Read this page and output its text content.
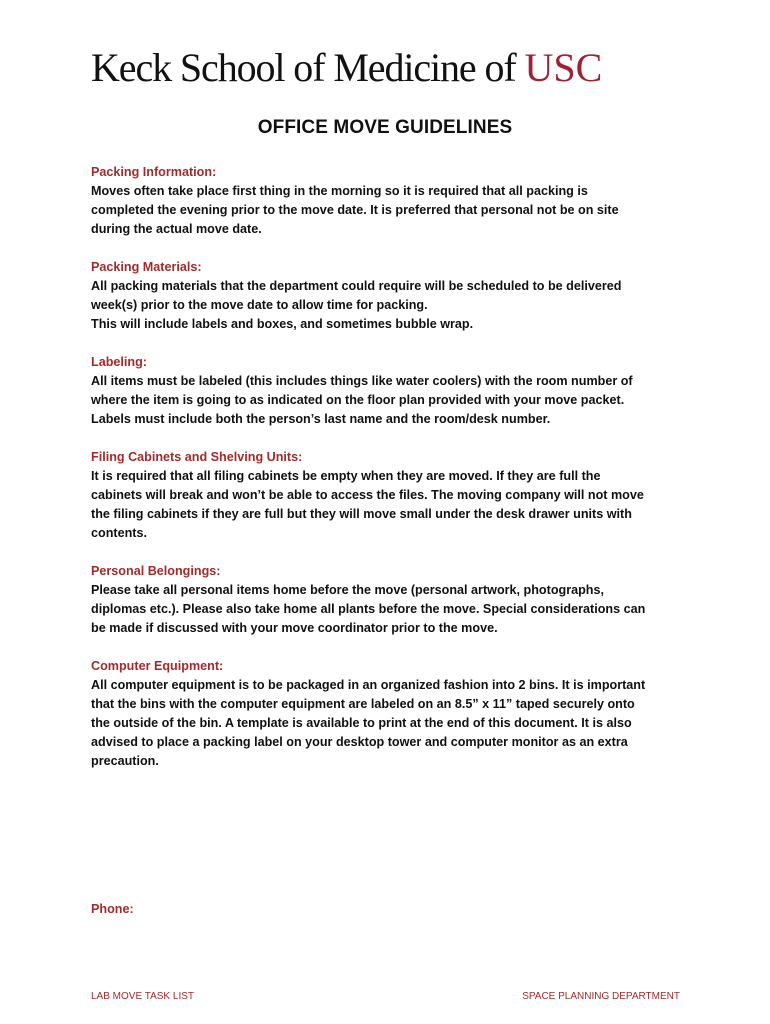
Keck School of Medicine of USC
OFFICE MOVE GUIDELINES
Packing Information:
Moves often take place first thing in the morning so it is required that all packing is
completed the evening prior to the move date. It is preferred that personal not be on site
during the actual move date.
Packing Materials:
All packing materials that the department could require will be scheduled to be delivered
week(s) prior to the move date to allow time for packing.
This will include labels and boxes, and sometimes bubble wrap.
Labeling:
All items must be labeled (this includes things like water coolers) with the room number of
where the item is going to as indicated on the floor plan provided with your move packet.
Labels must include both the person’s last name and the room/desk number.
Filing Cabinets and Shelving Units:
It is required that all filing cabinets be empty when they are moved. If they are full the
cabinets will break and won’t be able to access the files. The moving company will not move
the filing cabinets if they are full but they will move small under the desk drawer units with
contents.
Personal Belongings:
Please take all personal items home before the move (personal artwork, photographs,
diplomas etc.). Please also take home all plants before the move. Special considerations can
be made if discussed with your move coordinator prior to the move.
Computer Equipment:
All computer equipment is to be packaged in an organized fashion into 2 bins. It is important
that the bins with the computer equipment are labeled on an 8.5” x 11” taped securely onto
the outside of the bin. A template is available to print at the end of this document. It is also
advised to place a packing label on your desktop tower and computer monitor as an extra
precaution.
Phone:
LAB MOVE TASK LIST	SPACE PLANNING DEPARTMENT
